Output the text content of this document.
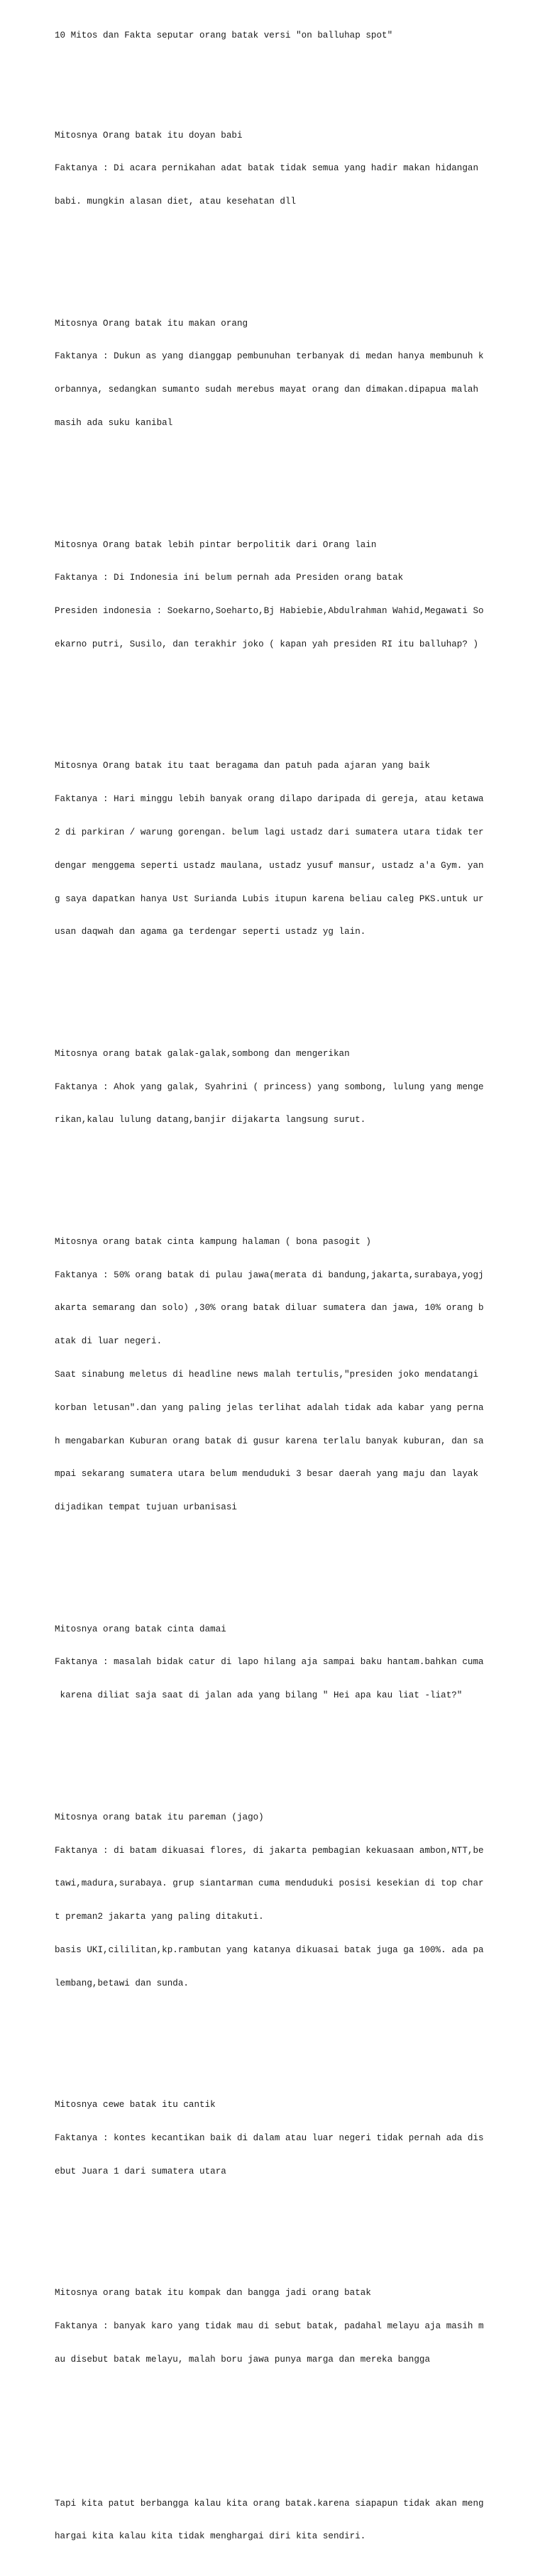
10 Mitos dan Fakta seputar orang batak versi "on balluhap spot"

Mitosnya Orang batak itu doyan babi

Faktanya : Di acara pernikahan adat batak tidak semua yang hadir makan hidangan

babi. mungkin alasan diet, atau kesehatan dll

Mitosnya Orang batak itu makan orang

Faktanya : Dukun as yang dianggap pembunuhan terbanyak di medan hanya membunuh k

orbannya, sedangkan sumanto sudah merebus mayat orang dan dimakan.dipapua malah

masih ada suku kanibal

Mitosnya Orang batak lebih pintar berpolitik dari Orang lain

Faktanya : Di Indonesia ini belum pernah ada Presiden orang batak

Presiden indonesia : Soekarno,Soeharto,Bj Habiebie,Abdulrahman Wahid,Megawati So

ekarno putri, Susilo, dan terakhir joko ( kapan yah presiden RI itu balluhap? )

Mitosnya Orang batak itu taat beragama dan patuh pada ajaran yang baik

Faktanya : Hari minggu lebih banyak orang dilapo daripada di gereja, atau ketawa

2 di parkiran / warung gorengan. belum lagi ustadz dari sumatera utara tidak ter

dengar menggema seperti ustadz maulana, ustadz yusuf mansur, ustadz a'a Gym. yan

g saya dapatkan hanya Ust Surianda Lubis itupun karena beliau caleg PKS.untuk ur

usan daqwah dan agama ga terdengar seperti ustadz yg lain.

Mitosnya orang batak galak-galak,sombong dan mengerikan

Faktanya : Ahok yang galak, Syahrini ( princess) yang sombong, lulung yang menge

rikan,kalau lulung datang,banjir dijakarta langsung surut.

Mitosnya orang batak cinta kampung halaman ( bona pasogit )

Faktanya : 50% orang batak di pulau jawa(merata di bandung,jakarta,surabaya,yogj

akarta semarang dan solo) ,30% orang batak diluar sumatera dan jawa, 10% orang b

atak di luar negeri.

Saat sinabung meletus di headline news malah tertulis,"presiden joko mendatangi

korban letusan".dan yang paling jelas terlihat adalah tidak ada kabar yang perna

h mengabarkan Kuburan orang batak di gusur karena terlalu banyak kuburan, dan sa

mpai sekarang sumatera utara belum menduduki 3 besar daerah yang maju dan layak

dijadikan tempat tujuan urbanisasi

Mitosnya orang batak cinta damai

Faktanya : masalah bidak catur di lapo hilang aja sampai baku hantam.bahkan cuma

karena diliat saja saat di jalan ada yang bilang " Hei apa kau liat -liat?"

Mitosnya orang batak itu pareman (jago)

Faktanya : di batam dikuasai flores, di jakarta pembagian kekuasaan ambon,NTT,be

tawi,madura,surabaya. grup siantarman cuma menduduki posisi kesekian di top char

t preman2 jakarta yang paling ditakuti.

basis UKI,cililitan,kp.rambutan yang katanya dikuasai batak juga ga 100%. ada pa

lembang,betawi dan sunda.

Mitosnya cewe batak itu cantik

Faktanya : kontes kecantikan baik di dalam atau luar negeri tidak pernah ada dis

ebut Juara 1 dari sumatera utara

Mitosnya orang batak itu kompak dan bangga jadi orang batak

Faktanya : banyak karo yang tidak mau di sebut batak, padahal melayu aja masih m

au disebut batak melayu, malah boru jawa punya marga dan mereka bangga

Tapi kita patut berbangga kalau kita orang batak.karena siapapun tidak akan meng

hargai kita kalau kita tidak menghargai diri kita sendiri.
